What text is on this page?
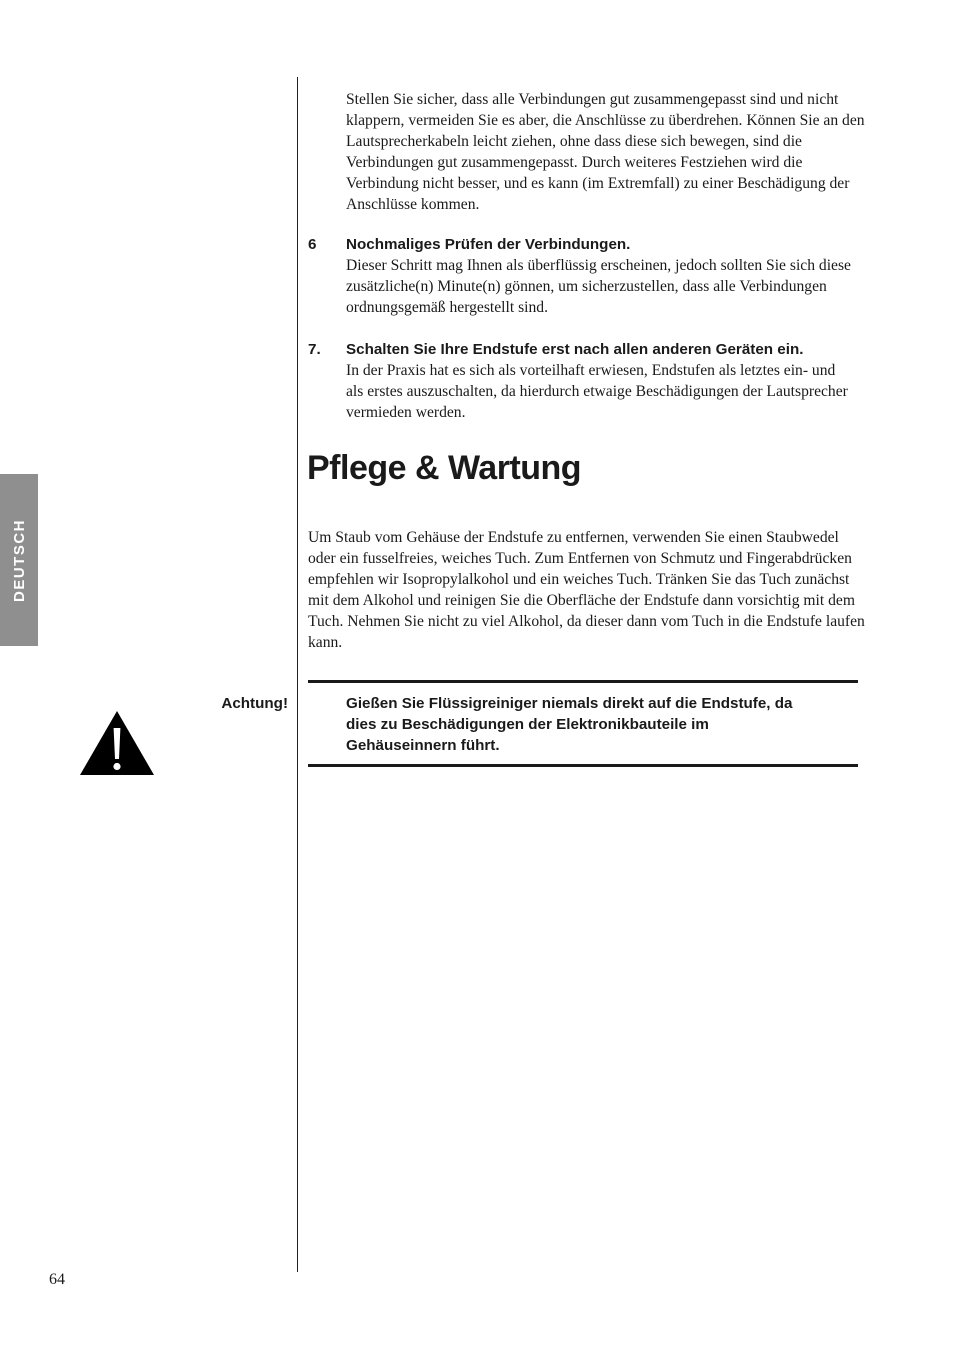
DEUTSCH

Stellen Sie sicher, dass alle Verbindungen gut zusammengepasst sind und nicht klappern, vermeiden Sie es aber, die Anschlüsse zu überdrehen. Können Sie an den Lautsprecherkabeln leicht ziehen, ohne dass diese sich bewegen, sind die Verbindungen gut zusammengepasst. Durch weiteres Festziehen wird die Verbindung nicht besser, und es kann (im Extremfall) zu einer Beschädigung der Anschlüsse kommen.

6 Nochmaliges Prüfen der Verbindungen.

Dieser Schritt mag Ihnen als überflüssig erscheinen, jedoch sollten Sie sich diese zusätzliche(n) Minute(n) gönnen, um sicherzustellen, dass alle Verbindungen ordnungsgemäß hergestellt sind.

7. Schalten Sie Ihre Endstufe erst nach allen anderen Geräten ein.

In der Praxis hat es sich als vorteilhaft erwiesen, Endstufen als letztes ein- und als erstes auszuschalten, da hierdurch etwaige Beschädigungen der Lautsprecher vermieden werden.

Pflege & Wartung

Um Staub vom Gehäuse der Endstufe zu entfernen, verwenden Sie einen Staubwedel oder ein fusselfreies, weiches Tuch. Zum Entfernen von Schmutz und Fingerabdrücken empfehlen wir Isopropylalkohol und ein weiches Tuch. Tränken Sie das Tuch zunächst mit dem Alkohol und reinigen Sie die Oberfläche der Endstufe dann vorsichtig mit dem Tuch. Nehmen Sie nicht zu viel Alkohol, da dieser dann vom Tuch in die Endstufe laufen kann.

Achtung!	Gießen Sie Flüssigreiniger niemals direkt auf die Endstufe, da dies zu Beschädigungen der Elektronikbauteile im Gehäuseinnern führt.

64
